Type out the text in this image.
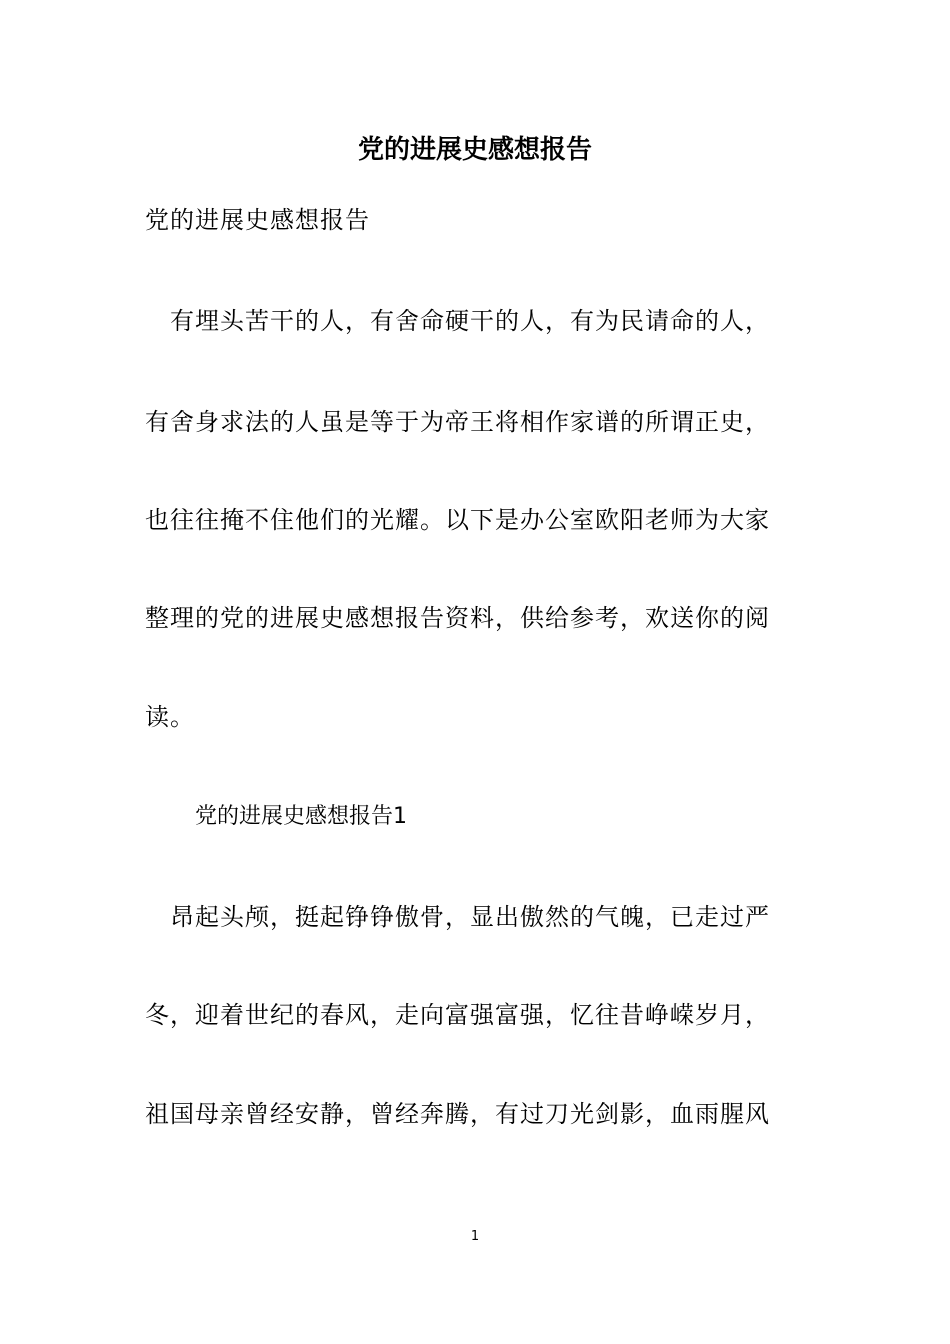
党的进展史感想报告
党的进展史感想报告
　有埋头苦干的人，有舍命硬干的人，有为民请命的人，
有舍身求法的人虽是等于为帝王将相作家谱的所谓正史，
也往往掩不住他们的光耀。以下是办公室欧阳老师为大家
整理的党的进展史感想报告资料，供给参考，欢送你的阅
读。
党的进展史感想报告1
　昂起头颅，挺起铮铮傲骨，显出傲然的气魄，已走过严
冬，迎着世纪的春风，走向富强富强，忆往昔峥嵘岁月，
祖国母亲曾经安静，曾经奔腾，有过刀光剑影，血雨腥风
1
